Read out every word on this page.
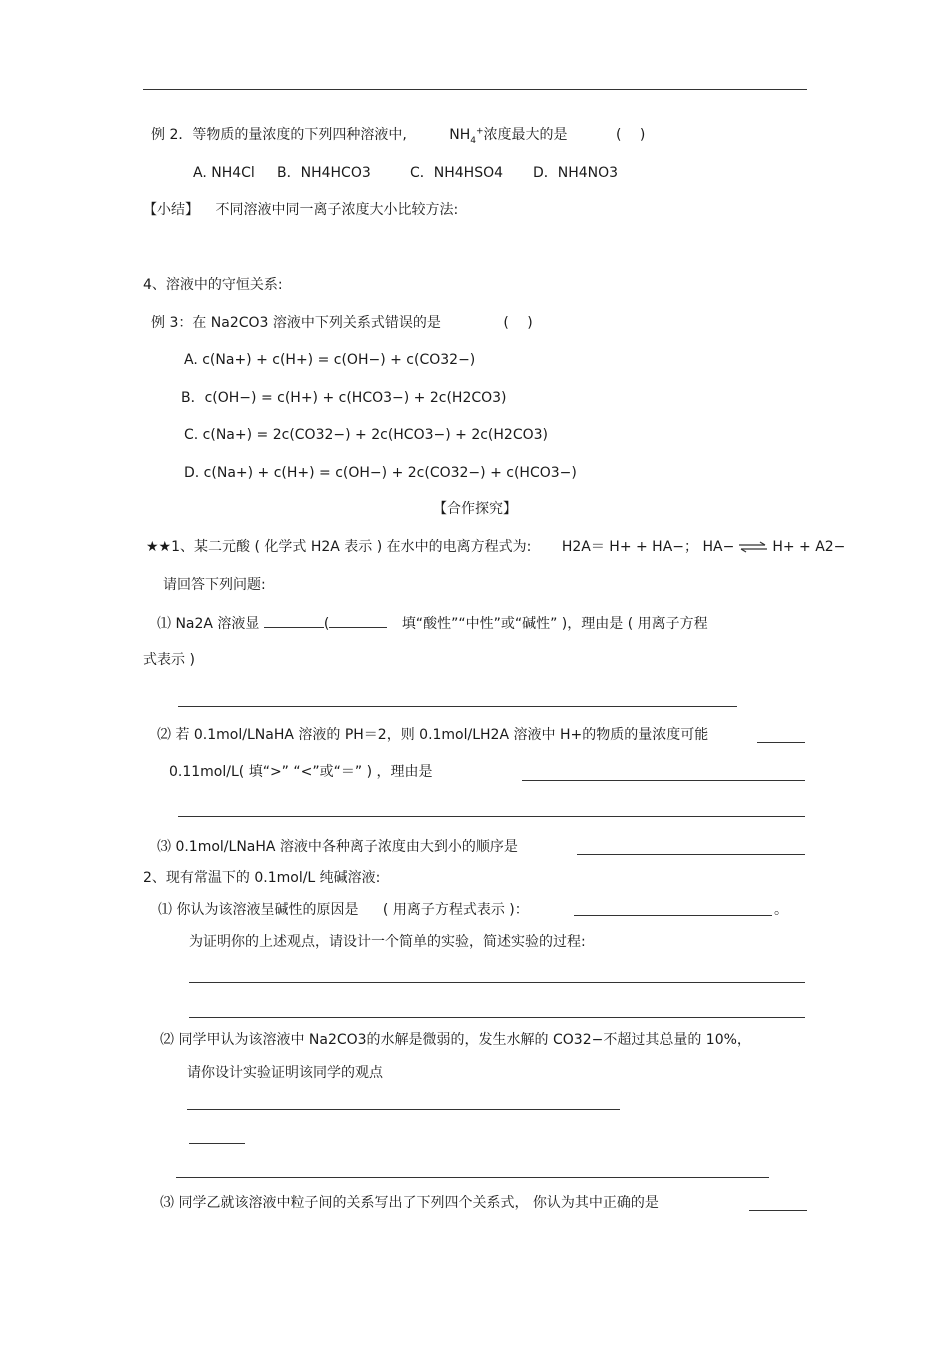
例 2．等物质的量浓度的下列四种溶液中,	$NH_4^+$浓度最大的是	(　 )
A. NH4Cl B．NH4HCO3	C．NH4HSO4 D．NH4NO3
【小结】 不同溶液中同一离子浓度大小比较方法:
4、溶液中的守恒关系:
例 3：在 Na2CO3 溶液中下列关系式错误的是	(　 )
A. c(Na+) + c(H+) = c(OH−) + c(CO32−)
B．c(OH−) = c(H+) + c(HCO3−) + 2c(H2CO3)
C. c(Na+) = 2c(CO32−) + 2c(HCO3−) + 2c(H2CO3)
D. c(Na+) + c(H+) = c(OH−) + 2c(CO32−) + c(HCO3−)
【合作探究】
★★1、某二元酸 ( 化学式 H2A 表示 ) 在水中的电离方程式为: H2A＝ H+ + HA−； HA− ⇌ H+ + A2−
请回答下列问题:
⑴ Na2A 溶液显	(	填“酸性”“中性”或“碱性” )，理由是 ( 用离子方程
式表示 )
⑵ 若 0.1mol/LNaHA 溶液的 PH＝2，则 0.1mol/LH2A 溶液中 H+的物质的量浓度可能
0.11mol/L( 填“>” “<”或“＝” ) ，理由是
⑶ 0.1mol/LNaHA 溶液中各种离子浓度由大到小的顺序是
2、现有常温下的 0.1mol/L 纯碱溶液:
⑴ 你认为该溶液呈碱性的原因是 ( 用离子方程式表示 )：	。
为证明你的上述观点，请设计一个简单的实验，简述实验的过程:
⑵ 同学甲认为该溶液中 Na2CO3的水解是微弱的，发生水解的 CO32−不超过其总量的 10%，
请你设计实验证明该同学的观点
⑶ 同学乙就该溶液中粒子间的关系写出了下列四个关系式， 你认为其中正确的是
